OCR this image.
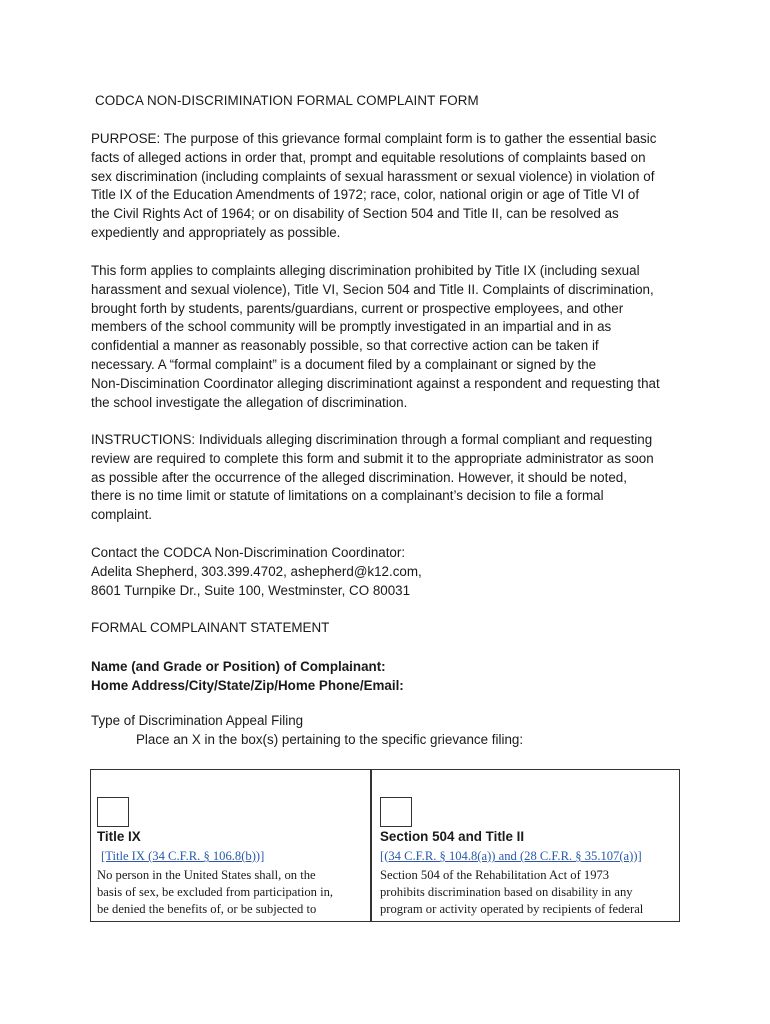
CODCA NON-DISCRIMINATION FORMAL COMPLAINT FORM

PURPOSE: The purpose of this grievance formal complaint form is to gather the essential basic
facts of alleged actions in order that, prompt and equitable resolutions of complaints based on
sex discrimination (including complaints of sexual harassment or sexual violence) in violation of
Title IX of the Education Amendments of 1972; race, color, national origin or age of Title VI of
the Civil Rights Act of 1964; or on disability of Section 504 and Title II, can be resolved as
expediently and appropriately as possible.

This form applies to complaints alleging discrimination prohibited by Title IX (including sexual
harassment and sexual violence), Title VI, Secion 504 and Title II. Complaints of discrimination,
brought forth by students, parents/guardians, current or prospective employees, and other
members of the school community will be promptly investigated in an impartial and in as
confidential a manner as reasonably possible, so that corrective action can be taken if
necessary. A “formal complaint” is a document filed by a complainant or signed by the
Non-Discimination Coordinator alleging discriminationt against a respondent and requesting that
the school investigate the allegation of discrimination.

INSTRUCTIONS: Individuals alleging discrimination through a formal compliant and requesting
review are required to complete this form and submit it to the appropriate administrator as soon
as possible after the occurrence of the alleged discrimination. However, it should be noted,
there is no time limit or statute of limitations on a complainant’s decision to file a formal
complaint.

Contact the CODCA Non-Discrimination Coordinator:
Adelita Shepherd, 303.399.4702, ashepherd@k12.com,
8601 Turnpike Dr., Suite 100, Westminster, CO 80031

FORMAL COMPLAINANT STATEMENT
Name (and Grade or Position) of Complainant:
Home Address/City/State/Zip/Home Phone/Email:
Type of Discrimination Appeal Filing
Place an X in the box(s) pertaining to the specific grievance filing:
Title IX
[Title IX (34 C.F.R. § 106.8(b))]
No person in the United States shall, on the
basis of sex, be excluded from participation in,
be denied the benefits of, or be subjected to
Section 504 and Title II
[(34 C.F.R. § 104.8(a)) and (28 C.F.R. § 35.107(a))]
Section 504 of the Rehabilitation Act of 1973
prohibits discrimination based on disability in any
program or activity operated by recipients of federal
